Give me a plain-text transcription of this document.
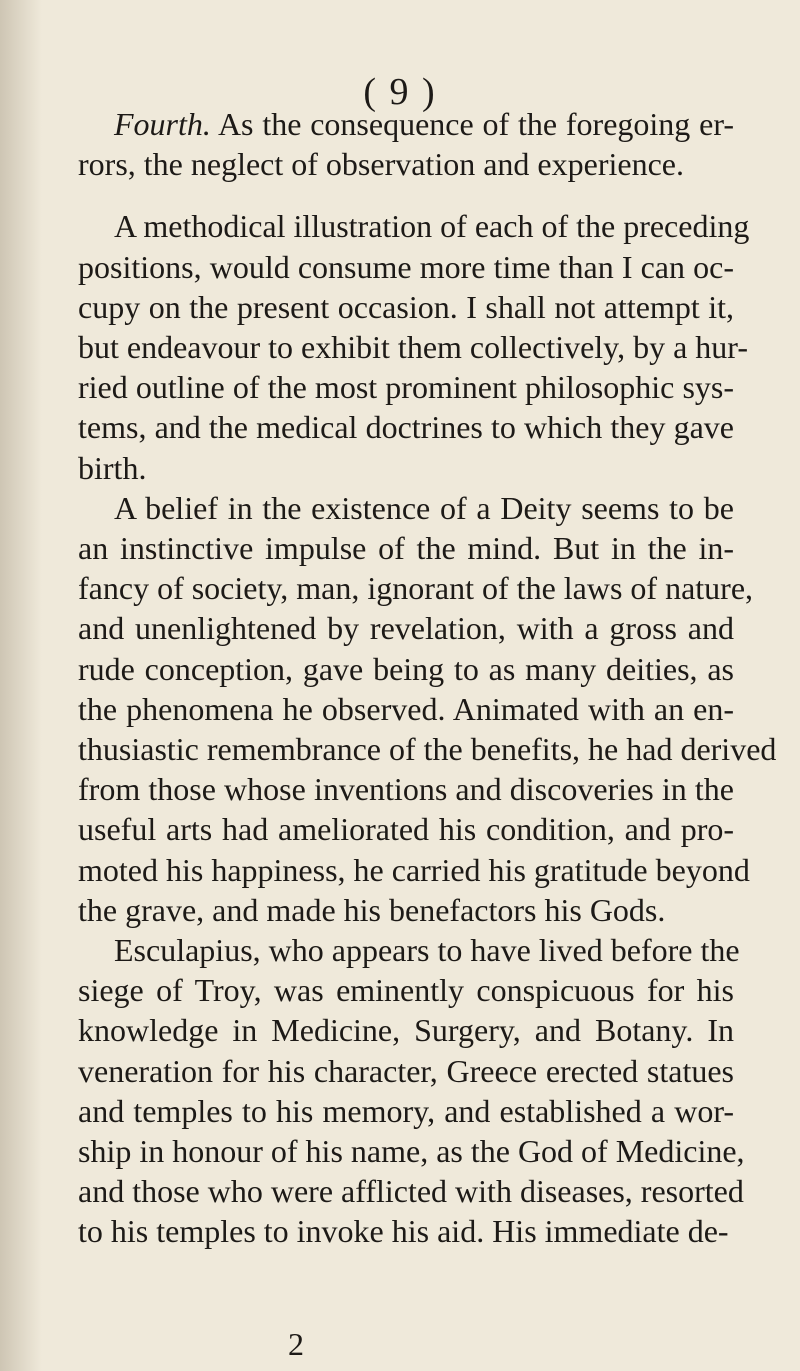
( 9 )
Fourth. As the consequence of the foregoing er-
rors, the neglect of observation and experience.
A methodical illustration of each of the preceding
positions, would consume more time than I can oc-
cupy on the present occasion. I shall not attempt it,
but endeavour to exhibit them collectively, by a hur-
ried outline of the most prominent philosophic sys-
tems, and the medical doctrines to which they gave
birth.
A belief in the existence of a Deity seems to be
an instinctive impulse of the mind. But in the in-
fancy of society, man, ignorant of the laws of nature,
and unenlightened by revelation, with a gross and
rude conception, gave being to as many deities, as
the phenomena he observed. Animated with an en-
thusiastic remembrance of the benefits, he had derived
from those whose inventions and discoveries in the
useful arts had ameliorated his condition, and pro-
moted his happiness, he carried his gratitude beyond
the grave, and made his benefactors his Gods.
Esculapius, who appears to have lived before the
siege of Troy, was eminently conspicuous for his
knowledge in Medicine, Surgery, and Botany. In
veneration for his character, Greece erected statues
and temples to his memory, and established a wor-
ship in honour of his name, as the God of Medicine,
and those who were afflicted with diseases, resorted
to his temples to invoke his aid. His immediate de-
2
